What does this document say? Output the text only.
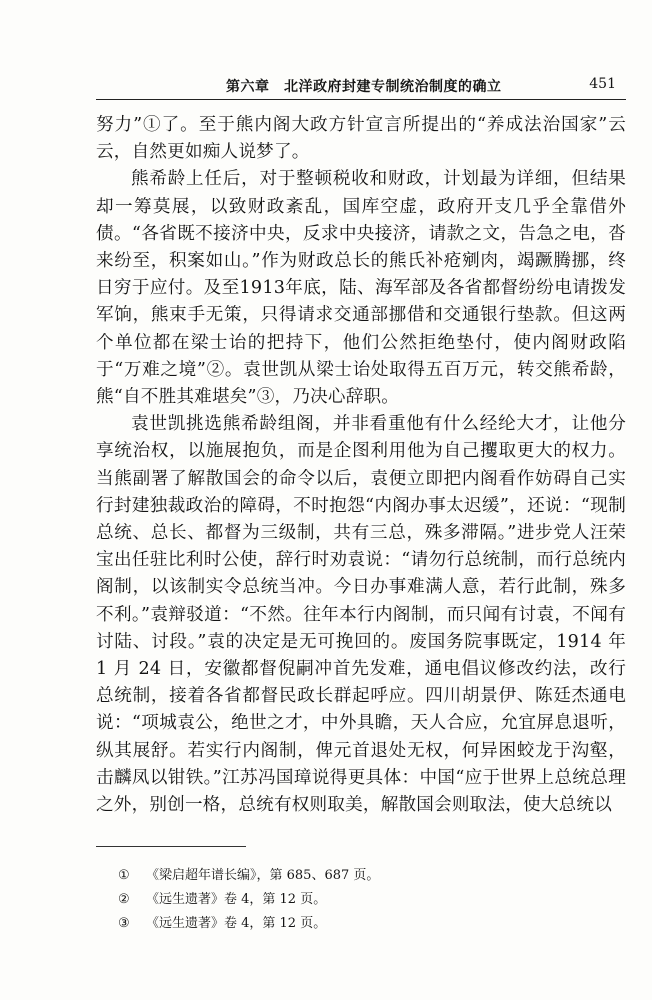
第六章　北洋政府封建专制统治制度的确立	451

努力”①了。至于熊内阁大政方针宣言所提出的“养成法治国家”云云，自然更如痴人说梦了。

熊希龄上任后，对于整顿税收和财政，计划最为详细，但结果却一筹莫展，以致财政紊乱，国库空虚，政府开支几乎全靠借外债。“各省既不接济中央，反求中央接济，请款之文，告急之电，沓来纷至，积案如山。”作为财政总长的熊氏补疮剜肉，竭蹶腾挪，终日穷于应付。及至1913年底，陆、海军部及各省都督纷纷电请拨发军饷，熊束手无策，只得请求交通部挪借和交通银行垫款。但这两个单位都在梁士诒的把持下，他们公然拒绝垫付，使内阁财政陷于“万难之境”②。袁世凯从梁士诒处取得五百万元，转交熊希龄，熊“自不胜其难堪矣”③，乃决心辞职。

袁世凯挑选熊希龄组阁，并非看重他有什么经纶大才，让他分享统治权，以施展抱负，而是企图利用他为自己攫取更大的权力。当熊副署了解散国会的命令以后，袁便立即把内阁看作妨碍自己实行封建独裁政治的障碍，不时抱怨“内阁办事太迟缓”，还说：“现制总统、总长、都督为三级制，共有三总，殊多滞隔。”进步党人汪荣宝出任驻比利时公使，辞行时劝袁说：“请勿行总统制，而行总统内阁制，以该制实令总统当冲。今日办事难满人意，若行此制，殊多不利。”袁辩驳道：“不然。往年本行内阁制，而只闻有讨袁，不闻有讨陆、讨段。”袁的决定是无可挽回的。废国务院事既定，1914 年 1 月 24 日，安徽都督倪嗣冲首先发难，通电倡议修改约法，改行总统制，接着各省都督民政长群起呼应。四川胡景伊、陈廷杰通电说：“项城袁公，绝世之才，中外具瞻，天人合应，允宜屏息退听，纵其展舒。若实行内阁制，俾元首退处无权，何异困蛟龙于沟壑，击麟凤以钳铁。”江苏冯国璋说得更具体：中国“应于世界上总统总理之外，别创一格，总统有权则取美，解散国会则取法，使大总统以

① 《梁启超年谱长编》，第 685、687 页。
② 《远生遗著》卷 4，第 12 页。
③ 《远生遗著》卷 4，第 12 页。
